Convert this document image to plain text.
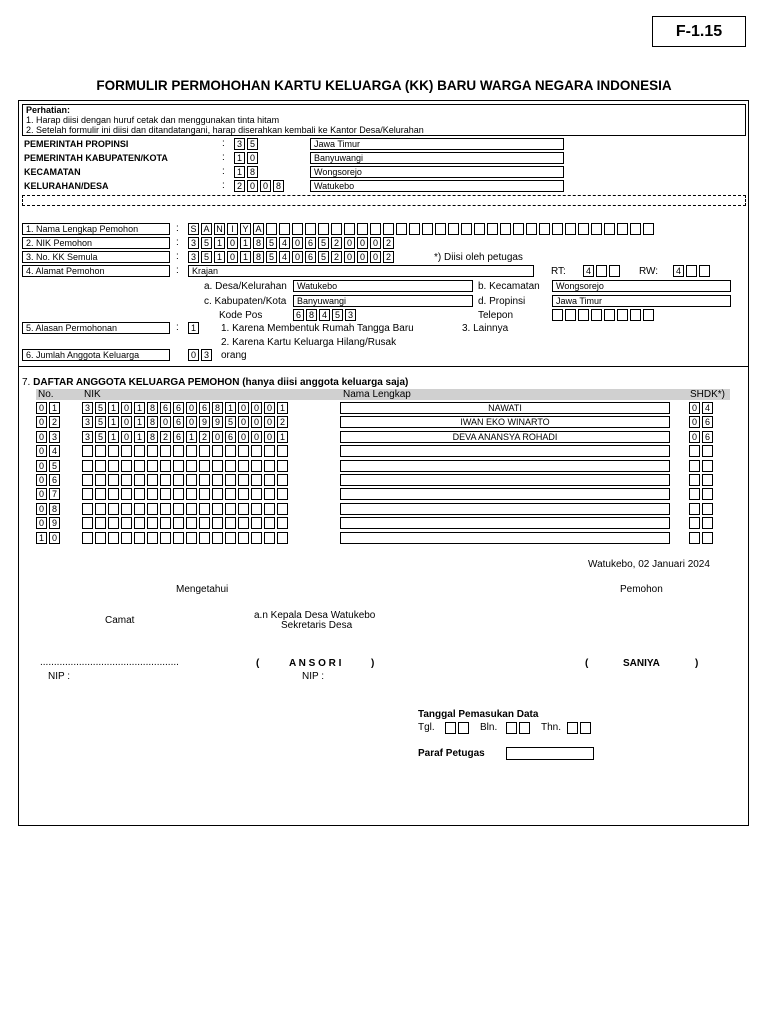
F-1.15
FORMULIR PERMOHOHAN KARTU KELUARGA (KK) BARU WARGA NEGARA INDONESIA
Perhatian:
1. Harap diisi dengan huruf cetak dan menggunakan tinta hitam
2. Setelah formulir ini diisi dan ditandatangani, harap diserahkan kembali ke Kantor Desa/Kelurahan
PEMERINTAH PROPINSI	:	3 5	Jawa Timur
PEMERINTAH KABUPATEN/KOTA	:	1 0	Banyuwangi
KECAMATAN	:	1 8	Wongsorejo
KELURAHAN/DESA	:	2 0 0 8	Watukebo
1. Nama Lengkap Pemohon	: S A N I Y A
2. NIK Pemohon	:	3 5 1 0 1 8 5 4 0 6 5 2 0 0 0 2
3. No. KK Semula	:	3 5 1 0 1 8 5 4 0 6 5 2 0 0 0 2	*) Diisi oleh petugas
4. Alamat Pemohon	:	Krajan	RT:	4	RW:	4
a. Desa/Kelurahan	Watukebo	b. Kecamatan	Wongsorejo
c. Kabupaten/Kota	Banyuwangi	d. Propinsi	Jawa Timur
Kode Pos	6 8 4 5 3	Telepon
5. Alasan Permohonan	:	1	1. Karena Membentuk Rumah Tangga Baru	3. Lainnya
2. Karena Kartu Keluarga Hilang/Rusak
6. Jumlah Anggota Keluarga	0 3	orang
7. DAFTAR ANGGOTA KELUARGA PEMOHON (hanya diisi anggota keluarga saja)
No.	NIK	Nama Lengkap	SHDK*)
0 1	3 5 1 0 1 8 6 6 0 6 8 1 0 0 0 1	NAWATI	0 4
0 2	3 5 1 0 1 8 0 6 0 9 9 5 0 0 0 2	IWAN EKO WINARTO	0 6
0 3	3 5 1 0 1 8 2 6 1 2 0 6 0 0 0 1	DEVA ANANSYA ROHADI	0 6
0 4
0 5
0 6
0 7
0 8
0 9
1 0
Watukebo, 02 Januari 2024
Mengetahui	Pemohon
Camat	a.n Kepala Desa Watukebo
Sekretaris Desa
..................................................	(	A N S O R I	)	(	SANIYA	)
NIP :	NIP :
Tanggal Pemasukan Data
Tgl.	Bln.	Thn.
Paraf Petugas
